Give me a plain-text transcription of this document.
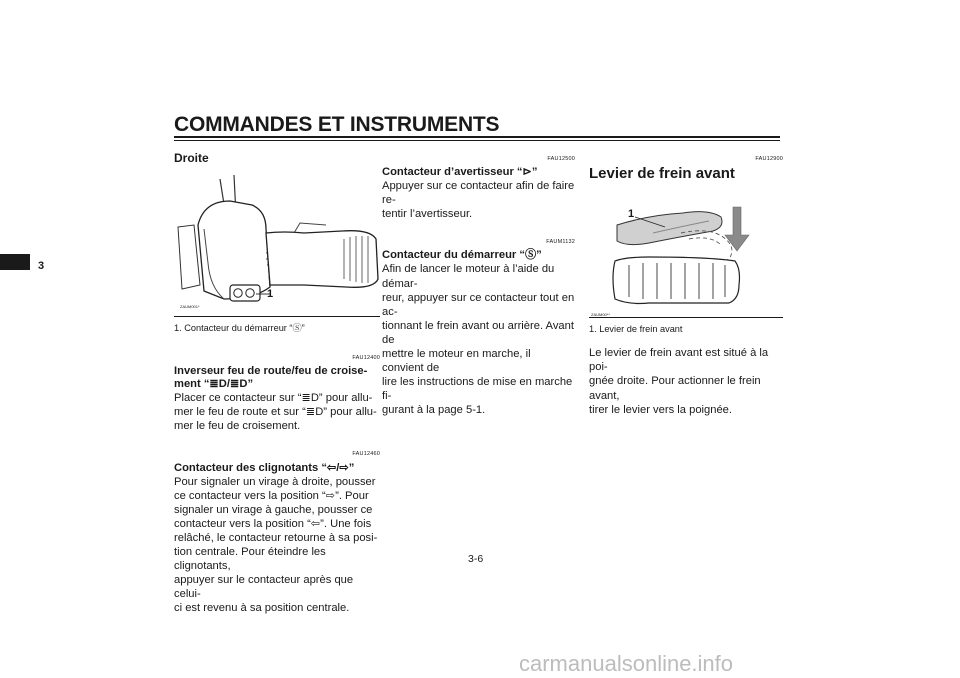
COMMANDES ET INSTRUMENTS
3
Droite
ZAUM001*
1
1. Contacteur du démarreur “Ⓢ”
FAU12400
Inverseur feu de route/feu de croise-
ment “≣D/≣D”
Placer ce contacteur sur “≣D” pour allu-
mer le feu de route et sur “≣D” pour allu-
mer le feu de croisement.
FAU12460
Contacteur des clignotants “⇦/⇨”
Pour signaler un virage à droite, pousser
ce contacteur vers la position “⇨”. Pour
signaler un virage à gauche, pousser ce
contacteur vers la position “⇦”. Une fois
relâché, le contacteur retourne à sa posi-
tion centrale. Pour éteindre les clignotants,
appuyer sur le contacteur après que celui-
ci est revenu à sa position centrale.
FAU12500
Contacteur d’avertisseur “⊳”
Appuyer sur ce contacteur afin de faire re-
tentir l’avertisseur.
FAUM1132
Contacteur du démarreur “Ⓢ”
Afin de lancer le moteur à l’aide du démar-
reur, appuyer sur ce contacteur tout en ac-
tionnant le frein avant ou arrière. Avant de
mettre le moteur en marche, il convient de
lire les instructions de mise en marche fi-
gurant à la page 5-1.
FAU12900
Levier de frein avant
ZAUM00**
1
1. Levier de frein avant
Le levier de frein avant est situé à la poi-
gnée droite. Pour actionner le frein avant,
tirer le levier vers la poignée.
3-6
carmanualsonline.info
